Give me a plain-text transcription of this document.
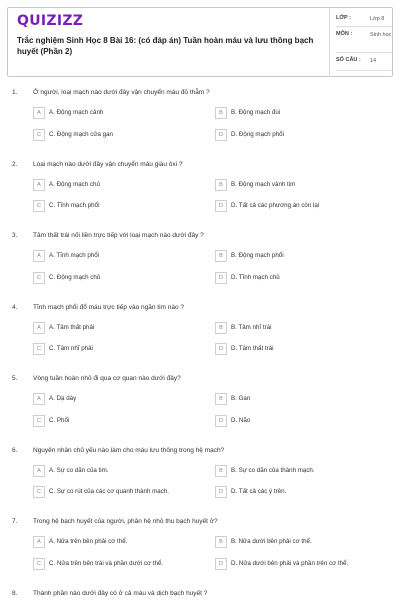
QUIZIZZ
Trắc nghiệm Sinh Học 8 Bài 16: (có đáp án) Tuần hoàn máu và lưu thông bạch huyết (Phần 2)
LỚP :	Lớp 8
MÔN :	Sinh học
SỐ CÂU : 14
1. Ở người, loại mạch nào dưới đây vận chuyển máu đỏ thẫm ?
A	A. Động mạch cảnh	B	B. Động mạch đùi
C	C. Động mạch cửa gan	D	D. Động mạch phổi
2. Loại mạch nào dưới đây vận chuyển máu giàu ôxi ?
A	A. Động mạch chủ	B	B. Động mạch vành tim
C	C. Tĩnh mạch phổi	D	D. Tất cả các phương án còn lại
3. Tâm thất trái nối liền trực tiếp với loại mạch nào dưới đây ?
A	A. Tĩnh mạch phổi	B	B. Động mạch phổi
C	C. Động mạch chủ	D	D. Tĩnh mạch chủ
4. Tĩnh mạch phổi đổ máu trực tiếp vào ngăn tim nào ?
A	A. Tâm thất phải	B	B. Tâm nhĩ trái
C	C. Tâm nhĩ phải	D	D. Tâm thất trái
5. Vòng tuần hoàn nhỏ đi qua cơ quan nào dưới đây?
A	A. Dạ dày	B	B. Gan
C	C. Phổi	D	D. Não
6. Nguyên nhân chủ yếu nào làm cho máu lưu thông trong hệ mạch?
A	A. Sự co dãn của tim.	B	B. Sự co dãn của thành mạch.
C	C. Sự co rút của các cơ quanh thành mạch.	D	D. Tất cả các ý trên.
7. Trong hệ bạch huyết của người, phân hệ nhỏ thu bạch huyết ở?
A	A. Nửa trên bên phải cơ thể.	B	B. Nửa dưới bên phải cơ thể.
C	C. Nửa trên bên trái và phần dưới cơ thể.	D	D. Nửa dưới bên phải và phần trên cơ thể.
8. Thành phần nào dưới đây có ở cả máu và dịch bạch huyết ?
